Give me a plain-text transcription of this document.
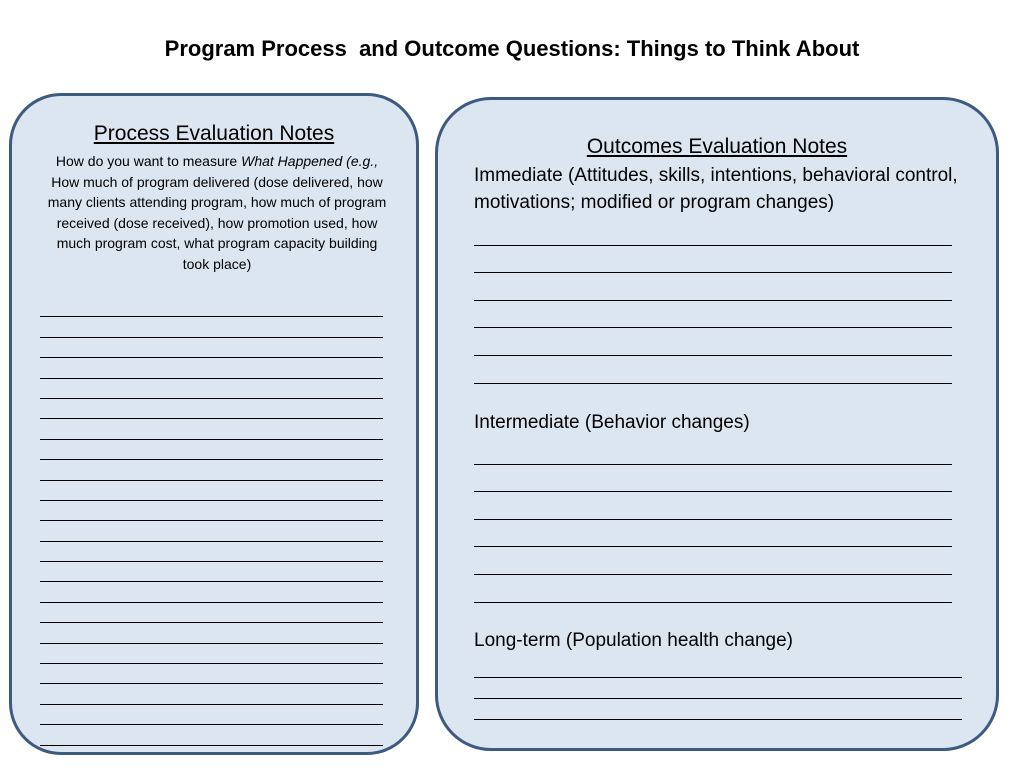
Program Process  and Outcome Questions: Things to Think About
Process Evaluation Notes
How do you want to measure What Happened (e.g., How much of program delivered (dose delivered, how many clients attending program, how much of program received (dose received), how promotion used, how much program cost, what program capacity building took place)
Outcomes Evaluation Notes
Immediate (Attitudes, skills, intentions, behavioral control, motivations; modified or program changes)
Intermediate (Behavior changes)
Long-term (Population health change)
